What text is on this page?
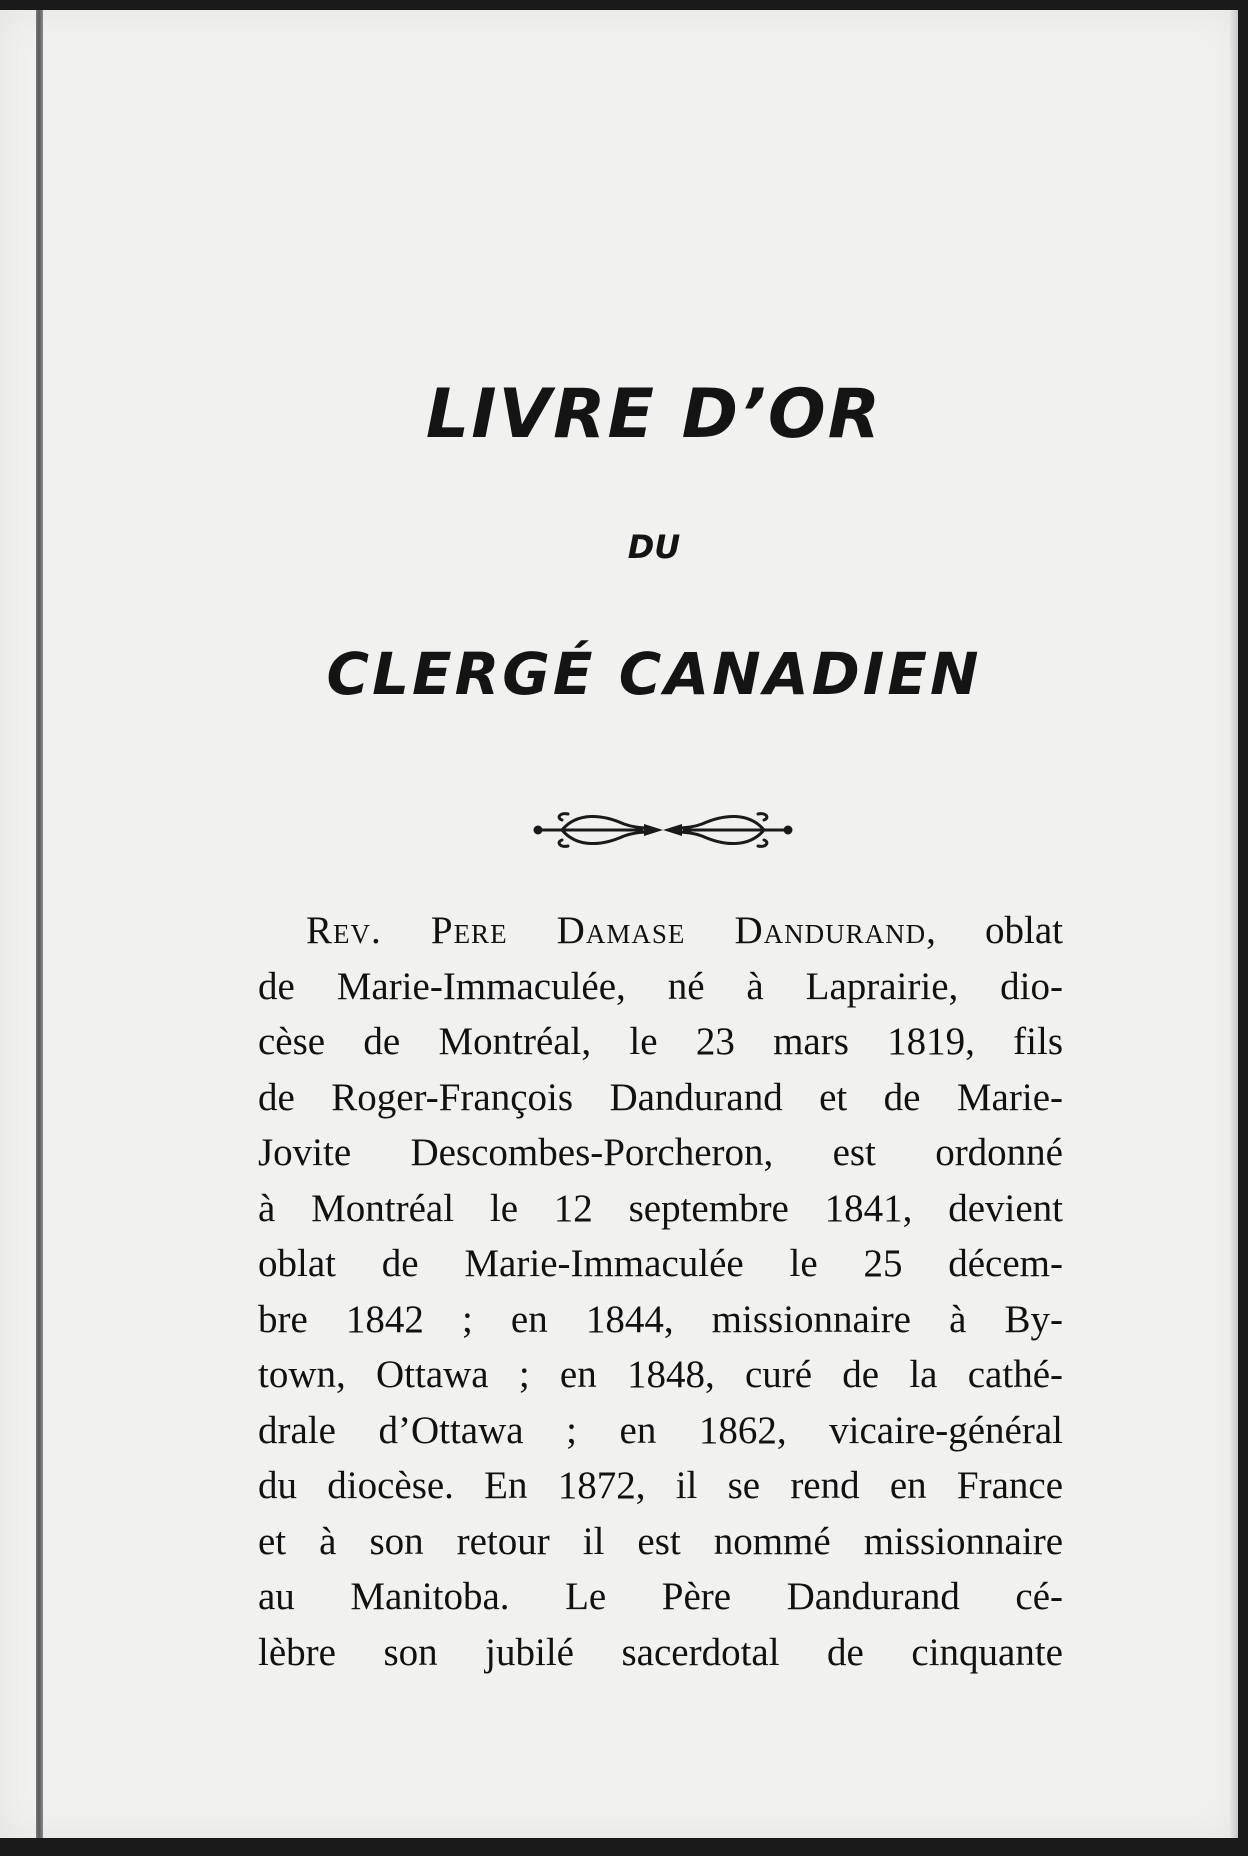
LIVRE D’OR
DU
CLERGÉ CANADIEN
Rev. Pere Damase Dandurand, oblat
de Marie-Immaculée, né à Laprairie, dio-
cèse de Montréal, le 23 mars 1819, fils
de Roger-François Dandurand et de Marie-
Jovite Descombes-Porcheron, est ordonné
à Montréal le 12 septembre 1841, devient
oblat de Marie-Immaculée le 25 décem-
bre 1842 ; en 1844, missionnaire à By-
town, Ottawa ; en 1848, curé de la cathé-
drale d’Ottawa ; en 1862, vicaire-général
du diocèse. En 1872, il se rend en France
et à son retour il est nommé missionnaire
au Manitoba. Le Père Dandurand cé-
lèbre son jubilé sacerdotal de cinquante
